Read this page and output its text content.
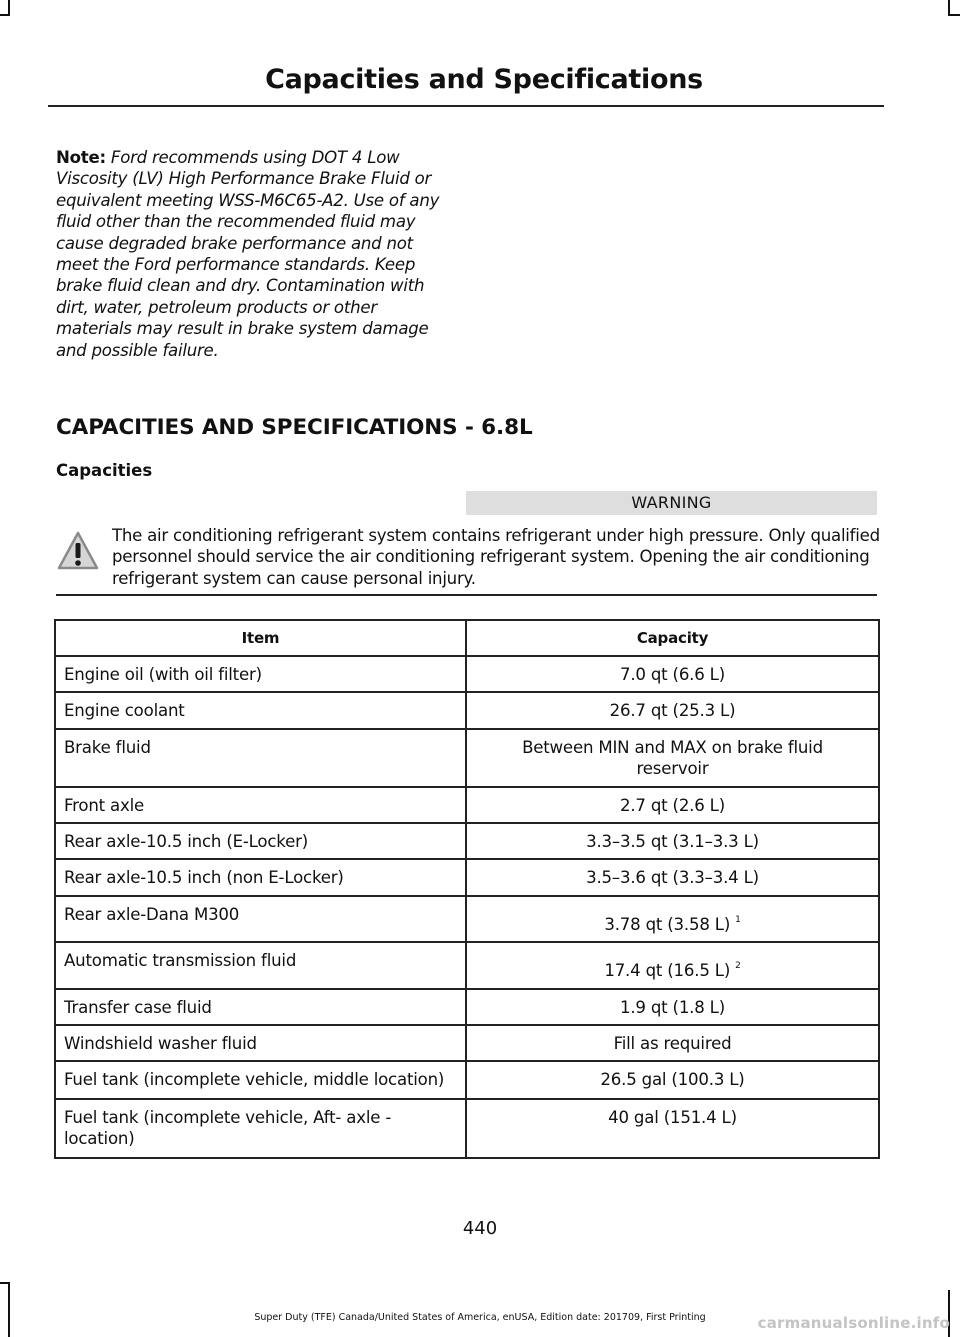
Capacities and Specifications
Note: Ford recommends using DOT 4 Low Viscosity (LV) High Performance Brake Fluid or equivalent meeting WSS-M6C65-A2. Use of any fluid other than the recommended fluid may cause degraded brake performance and not meet the Ford performance standards. Keep brake fluid clean and dry. Contamination with dirt, water, petroleum products or other materials may result in brake system damage and possible failure.
CAPACITIES AND SPECIFICATIONS - 6.8L
Capacities
WARNING
The air conditioning refrigerant system contains refrigerant under high pressure. Only qualified personnel should service the air conditioning refrigerant system. Opening the air conditioning refrigerant system can cause personal injury.
Item	Capacity
Engine oil (with oil filter)	7.0 qt (6.6 L)
Engine coolant	26.7 qt (25.3 L)
Brake fluid	Between MIN and MAX on brake fluid reservoir
Front axle	2.7 qt (2.6 L)
Rear axle-10.5 inch (E-Locker)	3.3–3.5 qt (3.1–3.3 L)
Rear axle-10.5 inch (non E-Locker)	3.5–3.6 qt (3.3–3.4 L)
Rear axle-Dana M300	3.78 qt (3.58 L) $^1$
Automatic transmission fluid	17.4 qt (16.5 L) $^2$
Transfer case fluid	1.9 qt (1.8 L)
Windshield washer fluid	Fill as required
Fuel tank (incomplete vehicle, middle location)	26.5 gal (100.3 L)
Fuel tank (incomplete vehicle, Aft- axle -location)	40 gal (151.4 L)
440
Super Duty (TFE) Canada/United States of America, enUSA, Edition date: 201709, First Printing	carmanualsonline.info
